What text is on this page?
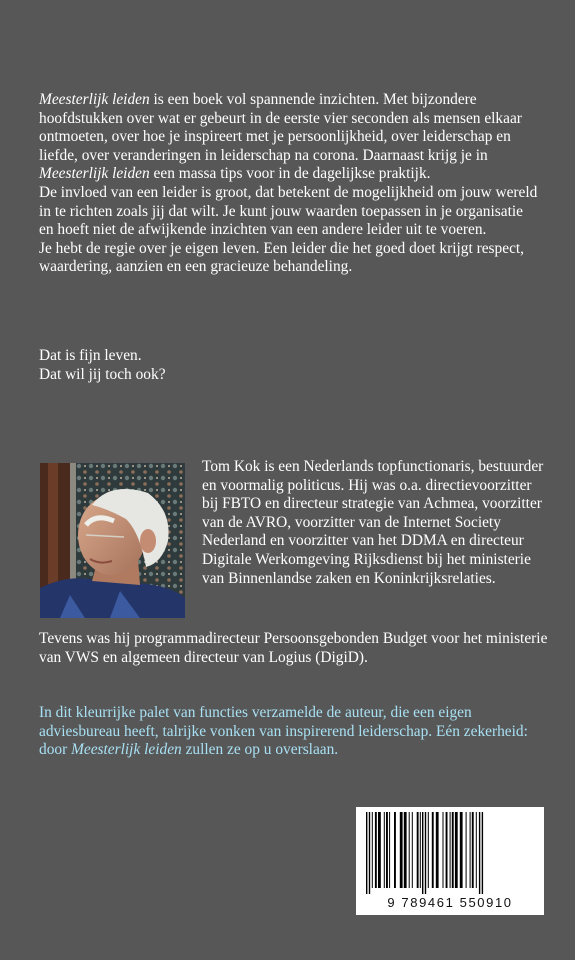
Meesterlijk leiden is een boek vol spannende inzichten. Met bijzondere hoofdstukken over wat er gebeurt in de eerste vier seconden als mensen elkaar ontmoeten, over hoe je inspireert met je persoonlijkheid, over leiderschap en liefde, over veranderingen in leiderschap na corona. Daarnaast krijg je in Meesterlijk leiden een massa tips voor in de dagelijkse praktijk.

De invloed van een leider is groot, dat betekent de mogelijkheid om jouw wereld in te richten zoals jij dat wilt. Je kunt jouw waarden toepassen in je organisatie en hoeft niet de afwijkende inzichten van een andere leider uit te voeren.

Je hebt de regie over je eigen leven. Een leider die het goed doet krijgt respect, waardering, aanzien en een gracieuze behandeling.

Dat is fijn leven.

Dat wil jij toch ook?

Tom Kok is een Nederlands topfunctionaris, bestuurder en voormalig politicus. Hij was o.a. directievoorzitter bij FBTO en directeur strategie van Achmea, voorzitter van de AVRO, voorzitter van de Internet Society Nederland en voorzitter van het DDMA en directeur Digitale Werkomgeving Rijksdienst bij het ministerie van Binnenlandse zaken en Koninkrijksrelaties.
Tevens was hij programmadirecteur Persoonsgebonden Budget voor het ministerie van VWS en algemeen directeur van Logius (DigiD).

In dit kleurrijke palet van functies verzamelde de auteur, die een eigen adviesbureau heeft, talrijke vonken van inspirerend leiderschap. Eén zekerheid: door Meesterlijk leiden zullen ze op u overslaan.

9 789461 550910
